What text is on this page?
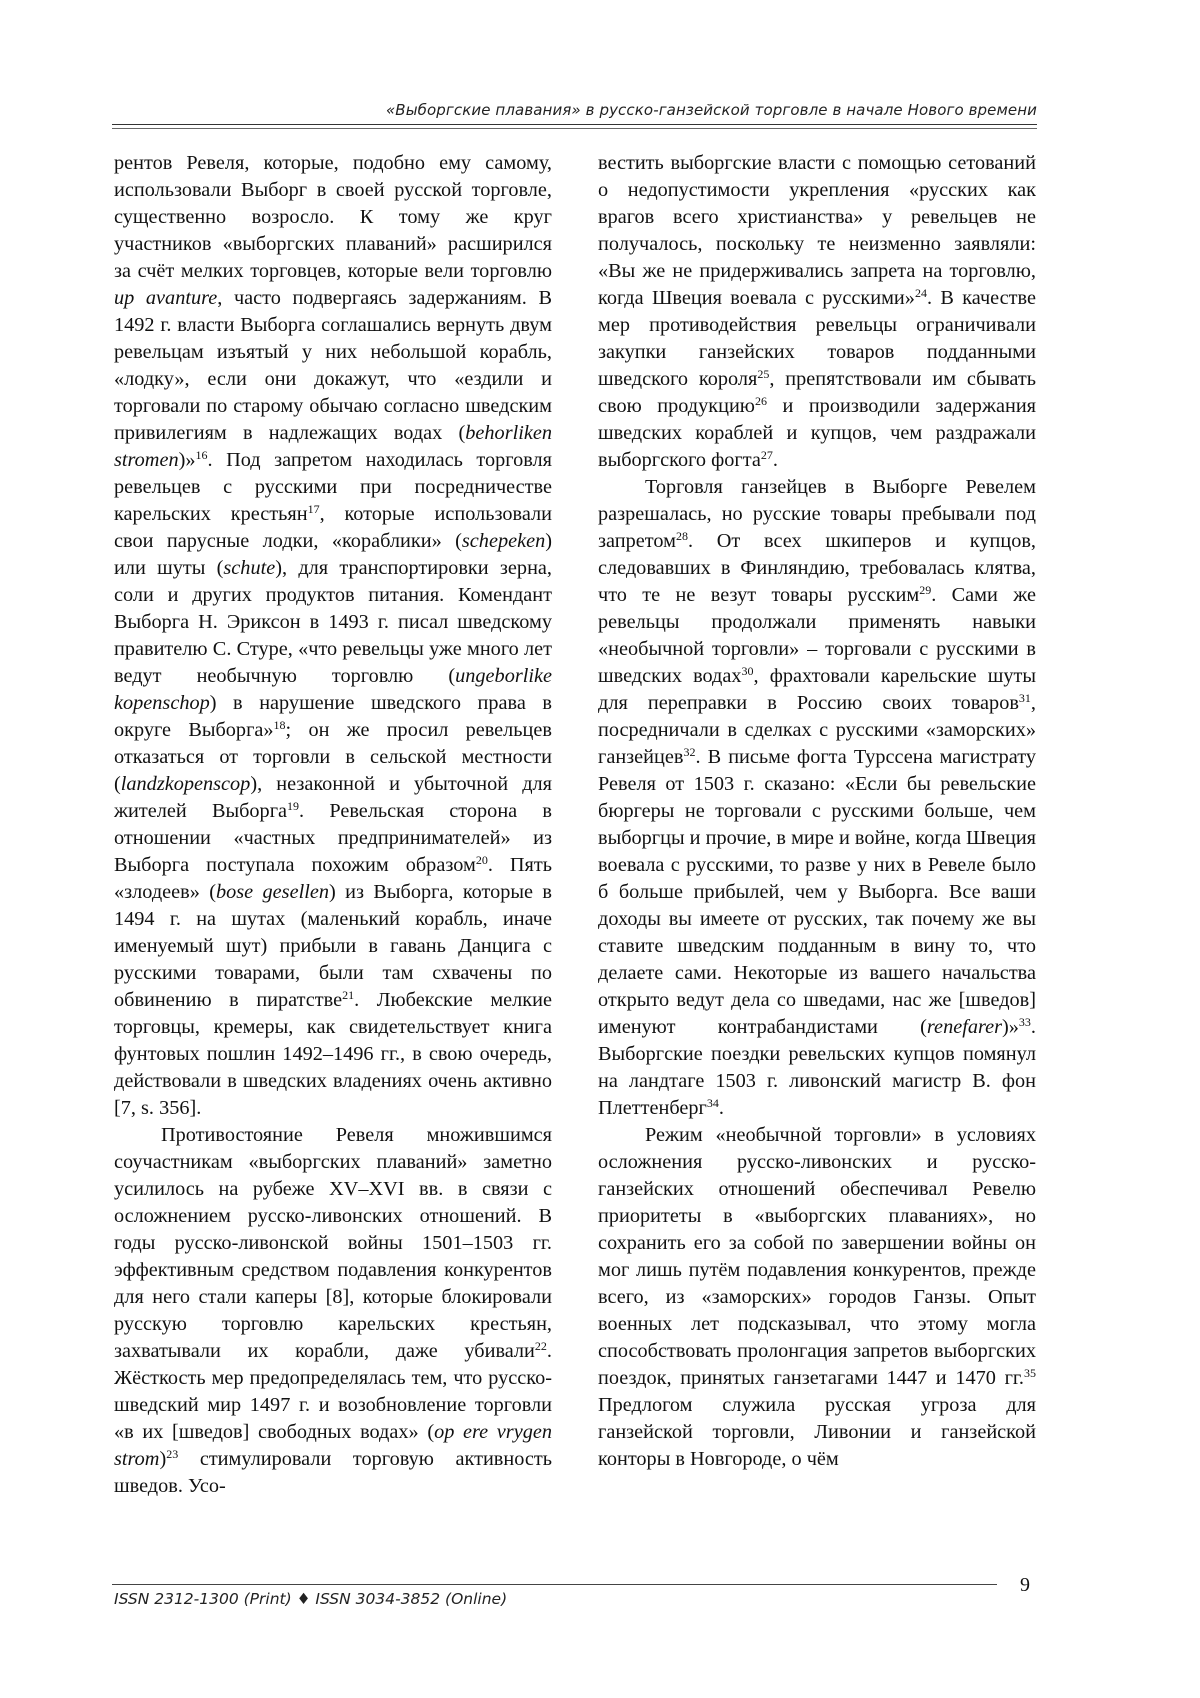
«Выборгские плавания» в русско-ганзейской торговле в начале Нового времени

рентов Ревеля, которые, подобно ему самому, использовали Выборг в своей русской торговле, существенно возросло. К тому же круг участников «выборгских плаваний» расширился за счёт мелких торговцев, которые вели торговлю up avanture, часто подвергаясь задержаниям. В 1492 г. власти Выборга соглашались вернуть двум ревельцам изъятый у них небольшой корабль, «лодку», если они докажут, что «ездили и торговали по старому обычаю согласно шведским привилегиям в надлежащих водах (behorliken stromen)»$^{16}$. Под запретом находилась торговля ревельцев с русскими при посредничестве карельских крестьян$^{17}$, которые использовали свои парусные лодки, «кораблики» (schepeken) или шуты (schute), для транспортировки зерна, соли и других продуктов питания. Комендант Выборга Н. Эриксон в 1493 г. писал шведскому правителю С. Стуре, «что ревельцы уже много лет ведут необычную торговлю (ungeborlike kopenschop) в нарушение шведского права в округе Выборга»$^{18}$; он же просил ревельцев отказаться от торговли в сельской местности (landzkopenscop), незаконной и убыточной для жителей Выборга$^{19}$. Ревельская сторона в отношении «частных предпринимателей» из Выборга поступала похожим образом$^{20}$. Пять «злодеев» (bose gesellen) из Выборга, которые в 1494 г. на шутах (маленький корабль, иначе именуемый шут) прибыли в гавань Данцига с русскими товарами, были там схвачены по обвинению в пиратстве$^{21}$. Любекские мелкие торговцы, кремеры, как свидетельствует книга фунтовых пошлин 1492–1496 гг., в свою очередь, действовали в шведских владениях очень активно [7, s. 356].

Противостояние Ревеля множившимся соучастникам «выборгских плаваний» заметно усилилось на рубеже XV–XVI вв. в связи с осложнением русско-ливонских отношений. В годы русско-ливонской войны 1501–1503 гг. эффективным средством подавления конкурентов для него стали каперы [8], которые блокировали русскую торговлю карельских крестьян, захватывали их корабли, даже убивали$^{22}$. Жёсткость мер предопределялась тем, что русско-шведский мир 1497 г. и возобновление торговли «в их [шведов] свободных водах» (op ere vrygen strom)$^{23}$ стимулировали торговую активность шведов. Усо-

вестить выборгские власти с помощью сетований о недопустимости укрепления «русских как врагов всего христианства» у ревельцев не получалось, поскольку те неизменно заявляли: «Вы же не придерживались запрета на торговлю, когда Швеция воевала с русскими»$^{24}$. В качестве мер противодействия ревельцы ограничивали закупки ганзейских товаров подданными шведского короля$^{25}$, препятствовали им сбывать свою продукцию$^{26}$ и производили задержания шведских кораблей и купцов, чем раздражали выборгского фогта$^{27}$.

Торговля ганзейцев в Выборге Ревелем разрешалась, но русские товары пребывали под запретом$^{28}$. От всех шкиперов и купцов, следовавших в Финляндию, требовалась клятва, что те не везут товары русским$^{29}$. Сами же ревельцы продолжали применять навыки «необычной торговли» – торговали с русскими в шведских водах$^{30}$, фрахтовали карельские шуты для переправки в Россию своих товаров$^{31}$, посредничали в сделках с русскими «заморских» ганзейцев$^{32}$. В письме фогта Турссена магистрату Ревеля от 1503 г. сказано: «Если бы ревельские бюргеры не торговали с русскими больше, чем выборгцы и прочие, в мире и войне, когда Швеция воевала с русскими, то разве у них в Ревеле было б больше прибылей, чем у Выборга. Все ваши доходы вы имеете от русских, так почему же вы ставите шведским подданным в вину то, что делаете сами. Некоторые из вашего начальства открыто ведут дела со шведами, нас же [шведов] именуют контрабандистами (renefarer)»$^{33}$. Выборгские поездки ревельских купцов помянул на ландтаге 1503 г. ливонский магистр В. фон Плеттенберг$^{34}$.

Режим «необычной торговли» в условиях осложнения русско-ливонских и русско-ганзейских отношений обеспечивал Ревелю приоритеты в «выборгских плаваниях», но сохранить его за собой по завершении войны он мог лишь путём подавления конкурентов, прежде всего, из «заморских» городов Ганзы. Опыт военных лет подсказывал, что этому могла способствовать пролонгация запретов выборгских поездок, принятых ганзетагами 1447 и 1470 гг.$^{35}$ Предлогом служила русская угроза для ганзейской торговли, Ливонии и ганзейской конторы в Новгороде, о чём

ISSN 2312-1300 (Print) ♦ ISSN 3034-3852 (Online)
9
